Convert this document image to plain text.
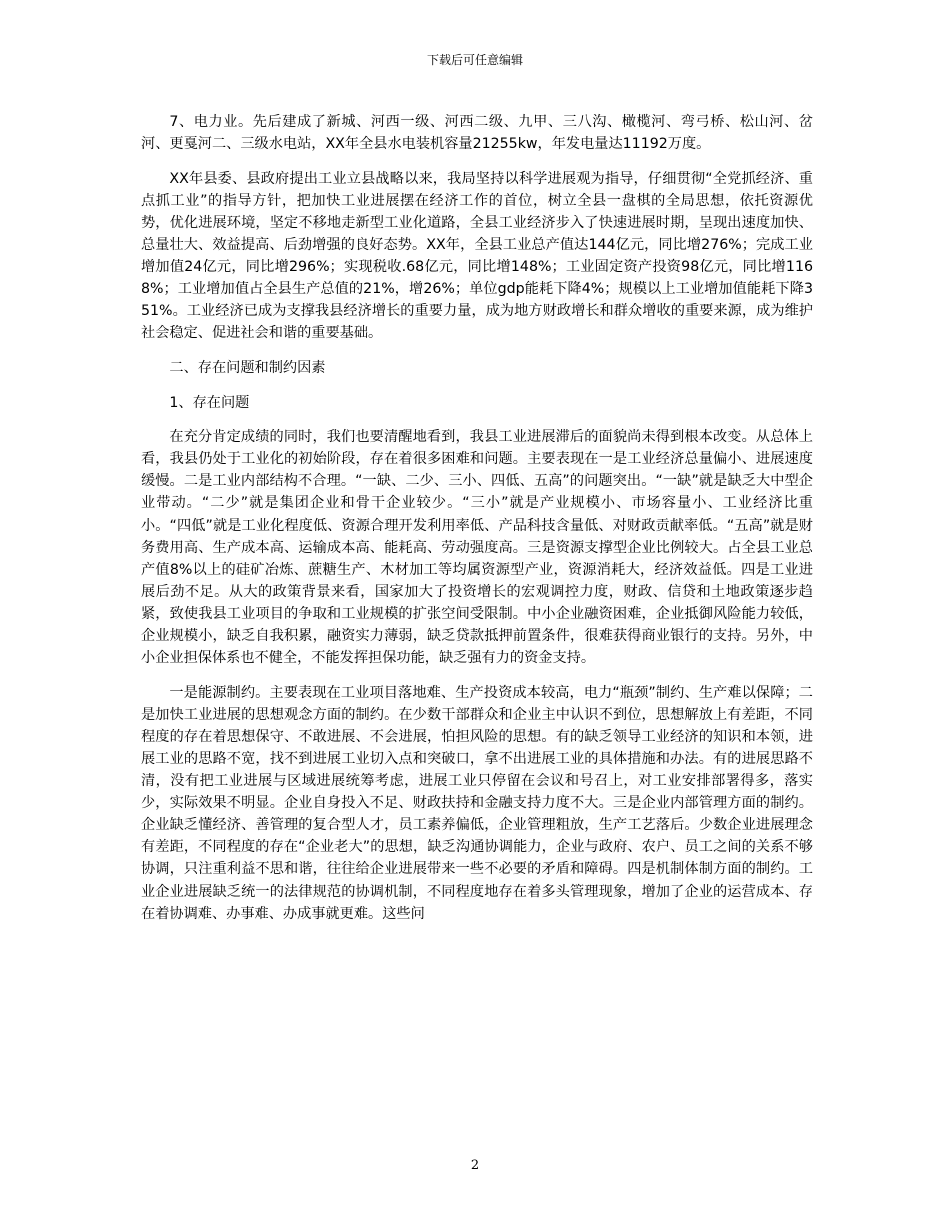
下载后可任意编辑

7、电力业。先后建成了新城、河西一级、河西二级、九甲、三八沟、橄榄河、弯弓桥、松山河、岔河、更戛河二、三级水电站，XX年全县水电装机容量21255kw，年发电量达11192万度。

XX年县委、县政府提出工业立县战略以来，我局坚持以科学进展观为指导，仔细贯彻“全党抓经济、重点抓工业”的指导方针，把加快工业进展摆在经济工作的首位，树立全县一盘棋的全局思想，依托资源优势，优化进展环境，坚定不移地走新型工业化道路，全县工业经济步入了快速进展时期，呈现出速度加快、总量壮大、效益提高、后劲增强的良好态势。XX年，全县工业总产值达144亿元，同比增276%；完成工业增加值24亿元，同比增296%；实现税收.68亿元，同比增148%；工业固定资产投资98亿元，同比增1168%；工业增加值占全县生产总值的21%，增26%；单位gdp能耗下降4%；规模以上工业增加值能耗下降351%。工业经济已成为支撑我县经济增长的重要力量，成为地方财政增长和群众增收的重要来源，成为维护社会稳定、促进社会和谐的重要基础。

二、存在问题和制约因素

1、存在问题

在充分肯定成绩的同时，我们也要清醒地看到，我县工业进展滞后的面貌尚未得到根本改变。从总体上看，我县仍处于工业化的初始阶段，存在着很多困难和问题。主要表现在一是工业经济总量偏小、进展速度缓慢。二是工业内部结构不合理。“一缺、二少、三小、四低、五高”的问题突出。“一缺”就是缺乏大中型企业带动。“二少”就是集团企业和骨干企业较少。“三小”就是产业规模小、市场容量小、工业经济比重小。“四低”就是工业化程度低、资源合理开发利用率低、产品科技含量低、对财政贡献率低。“五高”就是财务费用高、生产成本高、运输成本高、能耗高、劳动强度高。三是资源支撑型企业比例较大。占全县工业总产值8%以上的硅矿冶炼、蔗糖生产、木材加工等均属资源型产业，资源消耗大，经济效益低。四是工业进展后劲不足。从大的政策背景来看，国家加大了投资增长的宏观调控力度，财政、信贷和土地政策逐步趋紧，致使我县工业项目的争取和工业规模的扩张空间受限制。中小企业融资困难，企业抵御风险能力较低，企业规模小，缺乏自我积累，融资实力薄弱，缺乏贷款抵押前置条件，很难获得商业银行的支持。另外，中小企业担保体系也不健全，不能发挥担保功能，缺乏强有力的资金支持。

一是能源制约。主要表现在工业项目落地难、生产投资成本较高，电力“瓶颈”制约、生产难以保障；二是加快工业进展的思想观念方面的制约。在少数干部群众和企业主中认识不到位，思想解放上有差距，不同程度的存在着思想保守、不敢进展、不会进展，怕担风险的思想。有的缺乏领导工业经济的知识和本领，进展工业的思路不宽，找不到进展工业切入点和突破口，拿不出进展工业的具体措施和办法。有的进展思路不清，没有把工业进展与区域进展统筹考虑，进展工业只停留在会议和号召上，对工业安排部署得多，落实少，实际效果不明显。企业自身投入不足、财政扶持和金融支持力度不大。三是企业内部管理方面的制约。企业缺乏懂经济、善管理的复合型人才，员工素养偏低，企业管理粗放，生产工艺落后。少数企业进展理念有差距，不同程度的存在“企业老大”的思想，缺乏沟通协调能力，企业与政府、农户、员工之间的关系不够协调，只注重利益不思和谐，往往给企业进展带来一些不必要的矛盾和障碍。四是机制体制方面的制约。工业企业进展缺乏统一的法律规范的协调机制，不同程度地存在着多头管理现象，增加了企业的运营成本、存在着协调难、办事难、办成事就更难。这些问

2
